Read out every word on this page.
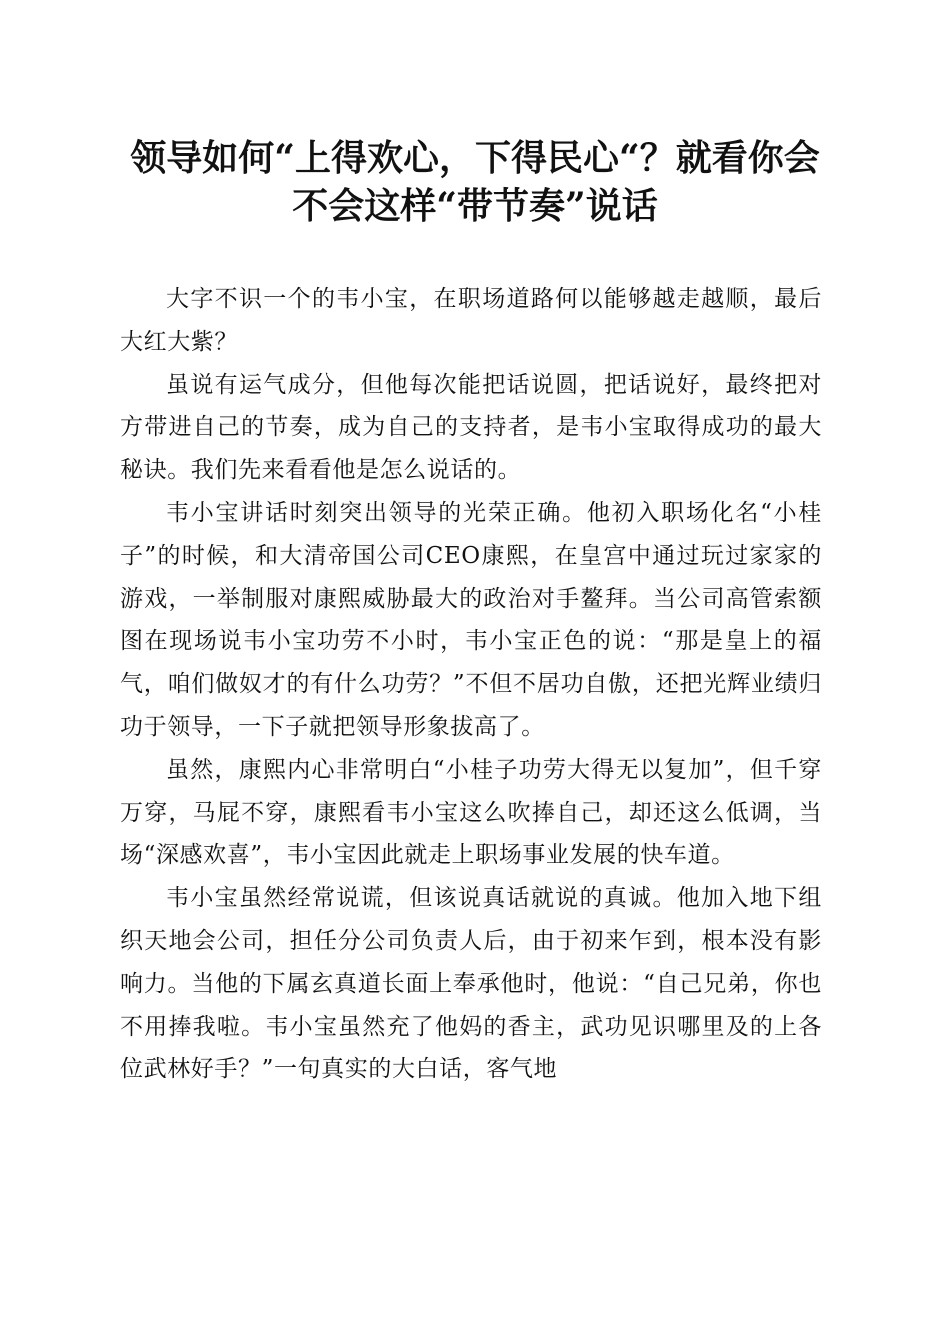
领导如何“上得欢心，下得民心“？就看你会
不会这样“带节奏”说话

大字不识一个的韦小宝，在职场道路何以能够越走越顺，最后大红大紫？

虽说有运气成分，但他每次能把话说圆，把话说好，最终把对方带进自己的节奏，成为自己的支持者，是韦小宝取得成功的最大秘诀。我们先来看看他是怎么说话的。

韦小宝讲话时刻突出领导的光荣正确。他初入职场化名“小桂子”的时候，和大清帝国公司CEO康熙，在皇宫中通过玩过家家的游戏，一举制服对康熙威胁最大的政治对手鳌拜。当公司高管索额图在现场说韦小宝功劳不小时，韦小宝正色的说：“那是皇上的福气，咱们做奴才的有什么功劳？”不但不居功自傲，还把光辉业绩归功于领导，一下子就把领导形象拔高了。

虽然，康熙内心非常明白“小桂子功劳大得无以复加”，但千穿万穿，马屁不穿，康熙看韦小宝这么吹捧自己，却还这么低调，当场“深感欢喜”，韦小宝因此就走上职场事业发展的快车道。

韦小宝虽然经常说谎，但该说真话就说的真诚。他加入地下组织天地会公司，担任分公司负责人后，由于初来乍到，根本没有影响力。当他的下属玄真道长面上奉承他时，他说：“自己兄弟，你也不用捧我啦。韦小宝虽然充了他妈的香主，武功见识哪里及的上各位武林好手？”一句真实的大白话，客气地
